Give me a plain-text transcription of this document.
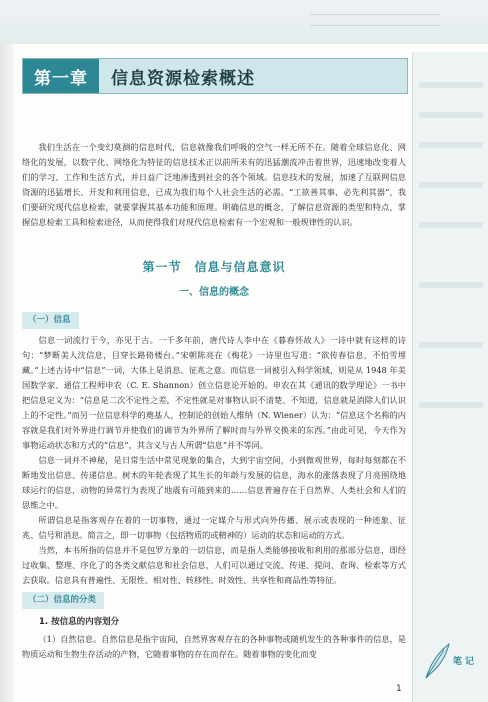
第一章	信息资源检索概述

我们生活在一个变幻莫测的信息时代，信息就像我们呼吸的空气一样无所不在。随着全球信息化、网络化的发展，以数字化、网络化为特征的信息技术正以前所未有的迅猛潮流冲击着世界，迅速地改变着人们的学习、工作和生活方式，并日益广泛地渗透到社会的各个领域。信息技术的发展，加速了互联网信息资源的迅猛增长、开发和利用信息，已成为我们每个人社会生活的必需。“工欲善其事，必先利其器”，我们要研究现代信息检索，就要掌握其基本功能和原理。明确信息的概念，了解信息资源的类型和特点，掌握信息检索工具和检索途径，从而使得我们对现代信息检索有一个宏观和一般规律性的认识。

第一节　信息与信息意识
一、信息的概念
（一）信息

信息一词流行于今，亦见于古。一千多年前，唐代诗人李中在《暮春怀故人》一诗中就有这样的诗句：“梦断美人沈信息，目穿长路倚楼台。”宋朝陈亮在《梅花》一诗里也写道：“欲传春信息，不怕雪埋藏。”上述古诗中“信息”一词，大体上是消息、征兆之意。而信息一词被引入科学领域，则是从 1948 年美国数学家、通信工程师申农（C. E. Shannon）创立信息论开始的。申农在其《通讯的数学理论》一书中把信息定义为：“信息是二次不定性之差，不定性就是对事物认识不清楚、不知道，信息就是消除人们认识上的不定性。”而另一位信息科学的奠基人，控制论的创始人维纳（N. Wiener）认为：“信息这个名称的内容就是我们对外界进行调节并使我们的调节为外界所了解时而与外界交换来的东西。”由此可见，今天作为事物运动状态和方式的“信息”，其含义与古人所谓“信息”并不等同。

信息一词并不神秘，是日常生活中常见现象的集合，大到宇宙空间，小到微观世界，每时每刻都在不断地发出信息、传递信息。树木的年轮表现了其生长的年龄与发展的信息，海水的涨落表现了月亮围绕地球运行的信息，动物的异常行为表现了地震有可能到来的……信息普遍存在于自然界、人类社会和人们的思维之中。

所谓信息是指客观存在着的一切事物，通过一定媒介与形式向外传播、展示或表现的一种迹象、征兆、信号和消息。简言之，即一切事物（包括物质的或精神的）运动的状态和运动的方式。

当然，本书所指的信息并不是包罗万象的一切信息，而是指人类能够接收和利用的那部分信息，即经过收集、整理、序化了的各类文献信息和社会信息，人们可以通过交流、传递、提问、查询、检索等方式去获取。信息具有普遍性、无限性、相对性、转移性、时效性、共享性和商品性等特征。

（二）信息的分类
1. 按信息的内容划分

（1）自然信息。自然信息是指宇宙间，自然界客观存在的各种事物或随机发生的各种事件的信息，是物质运动和生物生存活动的产物，它随着事物的存在而存在。随着事物的变化而变

笔 记
1
